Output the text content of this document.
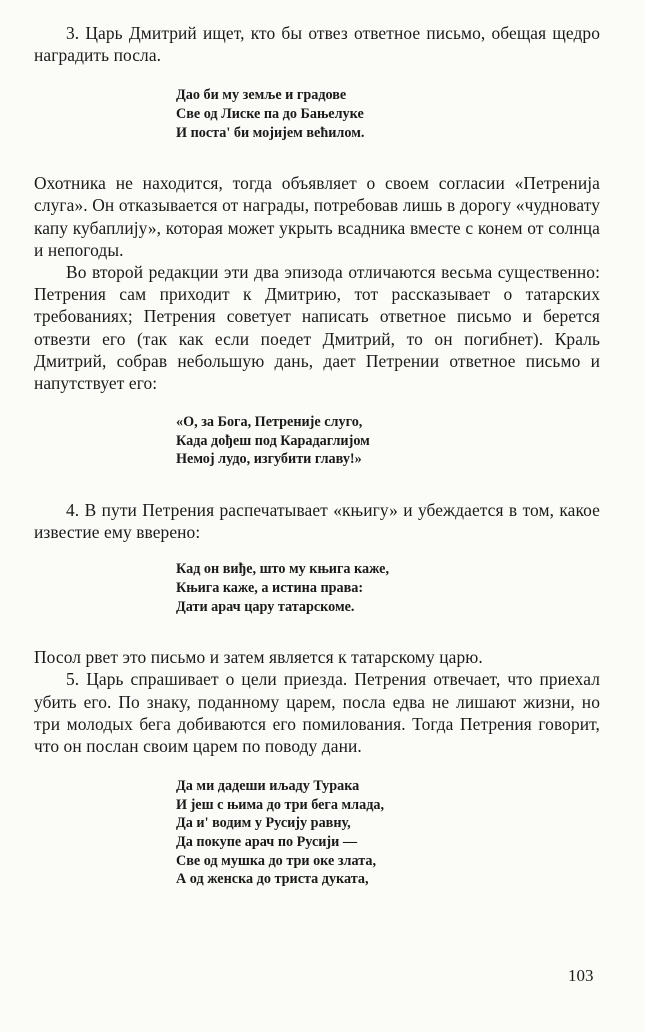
3. Царь Дмитрий ищет, кто бы отвез ответное письмо, обещая щедро наградить посла.

Дао би му земље и градове
Све од Лиске па до Бањелуке
И поста' би мојијем већилом.

Охотника не находится, тогда объявляет о своем согласии «Петренија слуга». Он отказывается от награды, потребовав лишь в дорогу «чудновату капу кубаплију», которая может укрыть всадника вместе с конем от солнца и непогоды.

Во второй редакции эти два эпизода отличаются весьма существенно: Петрения сам приходит к Дмитрию, тот рассказывает о татарских требованиях; Петрения советует написать ответное письмо и берется отвезти его (так как если поедет Дмитрий, то он погибнет). Краль Дмитрий, собрав небольшую дань, дает Петрении ответное письмо и напутствует его:

«О, за Бога, Петреније слуго,
Када дођеш под Карадаглијом
Немој лудо, изгубити главу!»

4. В пути Петрения распечатывает «књигу» и убеждается в том, какое известие ему вверено:

Кад он виђе, што му књига каже,
Књига каже, а истина права:
Дати арач цару татарскоме.

Посол рвет это письмо и затем является к татарскому царю.

5. Царь спрашивает о цели приезда. Петрения отвечает, что приехал убить его. По знаку, поданному царем, посла едва не лишают жизни, но три молодых бега добиваются его помилования. Тогда Петрения говорит, что он послан своим царем по поводу дани.

Да ми дадеши иљаду Турака
И јеш с њима до три бега млада,
Да и' водим у Русију равну,
Да покупе арач по Русији —
Све од мушка до три оке злата,
А од женска до триста дуката,
103
